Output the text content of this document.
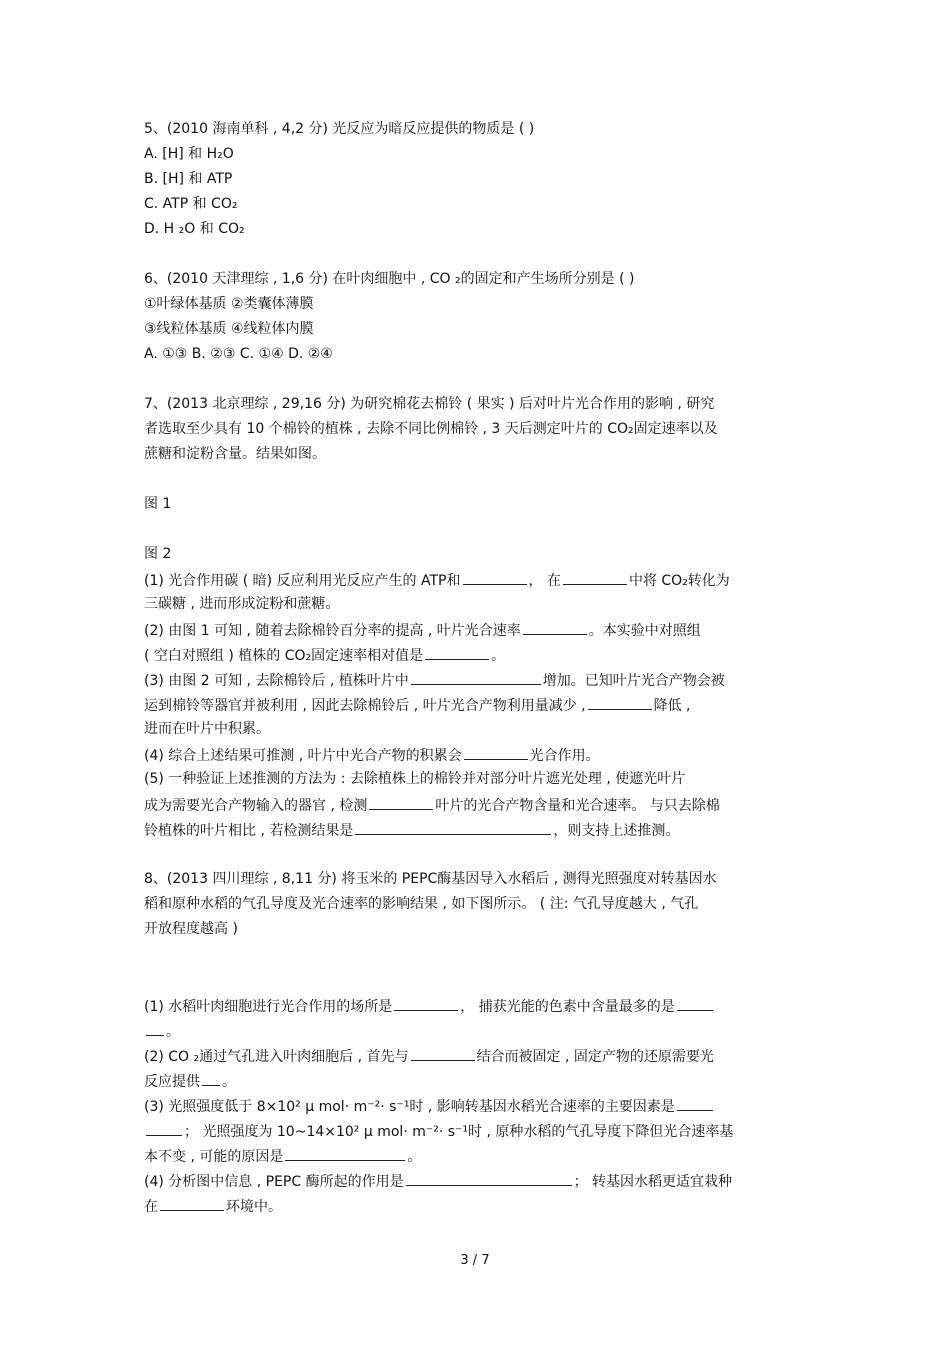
5、(2010 海南单科 , 4,2 分) 光反应为暗反应提供的物质是 ( )
A. [H] 和 H₂O
B. [H] 和 ATP
C. ATP 和 CO₂
D. H ₂O 和 CO₂
6、(2010 天津理综 , 1,6 分) 在叶肉细胞中 , CO ₂的固定和产生场所分别是 ( )
①叶绿体基质 ②类囊体薄膜
③线粒体基质 ④线粒体内膜
A. ①③ B. ②③ C. ①④ D. ②④
7、(2013 北京理综 , 29,16 分) 为研究棉花去棉铃 ( 果实 ) 后对叶片光合作用的影响 , 研究
者选取至少具有 10 个棉铃的植株 , 去除不同比例棉铃 , 3 天后测定叶片的 CO₂固定速率以及
蔗糖和淀粉含量。结果如图。
图 1
图 2
(1) 光合作用碳 ( 暗) 反应利用光反应产生的 ATP和	， 在	中将 CO₂转化为
三碳糖 , 进而形成淀粉和蔗糖。
(2) 由图 1 可知 , 随着去除棉铃百分率的提高 , 叶片光合速率	。本实验中对照组
( 空白对照组 ) 植株的 CO₂固定速率相对值是	。
(3) 由图 2 可知 , 去除棉铃后 , 植株叶片中	增加。已知叶片光合产物会被
运到棉铃等器官并被利用 , 因此去除棉铃后 , 叶片光合产物利用量减少 ,	降低 ,
进而在叶片中积累。
(4) 综合上述结果可推测 , 叶片中光合产物的积累会	光合作用。
(5) 一种验证上述推测的方法为 : 去除植株上的棉铃并对部分叶片遮光处理 , 使遮光叶片
成为需要光合产物输入的器官 , 检测	叶片的光合产物含量和光合速率。 与只去除棉
铃植株的叶片相比 , 若检测结果是	，则支持上述推测。
8、(2013 四川理综 , 8,11 分) 将玉米的 PEPC酶基因导入水稻后 , 测得光照强度对转基因水
稻和原种水稻的气孔导度及光合速率的影响结果 , 如下图所示。 ( 注: 气孔导度越大 , 气孔
开放程度越高 )
(1) 水稻叶肉细胞进行光合作用的场所是	， 捕获光能的色素中含量最多的是
。
(2) CO ₂通过气孔进入叶肉细胞后 , 首先与	结合而被固定 , 固定产物的还原需要光
反应提供 。
(3) 光照强度低于 8×10² μ mol· m⁻²· s⁻¹时 , 影响转基因水稻光合速率的主要因素是
； 光照强度为 10~14×10² μ mol· m⁻²· s⁻¹时 , 原种水稻的气孔导度下降但光合速率基
本不变 , 可能的原因是	。
(4) 分析图中信息 , PEPC 酶所起的作用是	； 转基因水稻更适宜栽种
在	环境中。
3 / 7
